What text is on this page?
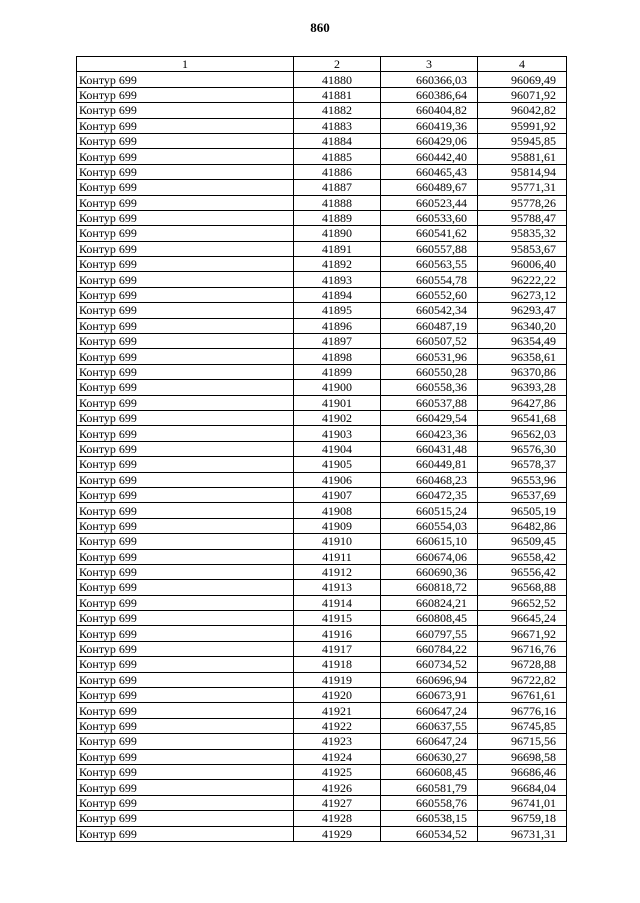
860
1	2	3	4
Контур 699	41880	660366,03	96069,49
Контур 699	41881	660386,64	96071,92
Контур 699	41882	660404,82	96042,82
Контур 699	41883	660419,36	95991,92
Контур 699	41884	660429,06	95945,85
Контур 699	41885	660442,40	95881,61
Контур 699	41886	660465,43	95814,94
Контур 699	41887	660489,67	95771,31
Контур 699	41888	660523,44	95778,26
Контур 699	41889	660533,60	95788,47
Контур 699	41890	660541,62	95835,32
Контур 699	41891	660557,88	95853,67
Контур 699	41892	660563,55	96006,40
Контур 699	41893	660554,78	96222,22
Контур 699	41894	660552,60	96273,12
Контур 699	41895	660542,34	96293,47
Контур 699	41896	660487,19	96340,20
Контур 699	41897	660507,52	96354,49
Контур 699	41898	660531,96	96358,61
Контур 699	41899	660550,28	96370,86
Контур 699	41900	660558,36	96393,28
Контур 699	41901	660537,88	96427,86
Контур 699	41902	660429,54	96541,68
Контур 699	41903	660423,36	96562,03
Контур 699	41904	660431,48	96576,30
Контур 699	41905	660449,81	96578,37
Контур 699	41906	660468,23	96553,96
Контур 699	41907	660472,35	96537,69
Контур 699	41908	660515,24	96505,19
Контур 699	41909	660554,03	96482,86
Контур 699	41910	660615,10	96509,45
Контур 699	41911	660674,06	96558,42
Контур 699	41912	660690,36	96556,42
Контур 699	41913	660818,72	96568,88
Контур 699	41914	660824,21	96652,52
Контур 699	41915	660808,45	96645,24
Контур 699	41916	660797,55	96671,92
Контур 699	41917	660784,22	96716,76
Контур 699	41918	660734,52	96728,88
Контур 699	41919	660696,94	96722,82
Контур 699	41920	660673,91	96761,61
Контур 699	41921	660647,24	96776,16
Контур 699	41922	660637,55	96745,85
Контур 699	41923	660647,24	96715,56
Контур 699	41924	660630,27	96698,58
Контур 699	41925	660608,45	96686,46
Контур 699	41926	660581,79	96684,04
Контур 699	41927	660558,76	96741,01
Контур 699	41928	660538,15	96759,18
Контур 699	41929	660534,52	96731,31
